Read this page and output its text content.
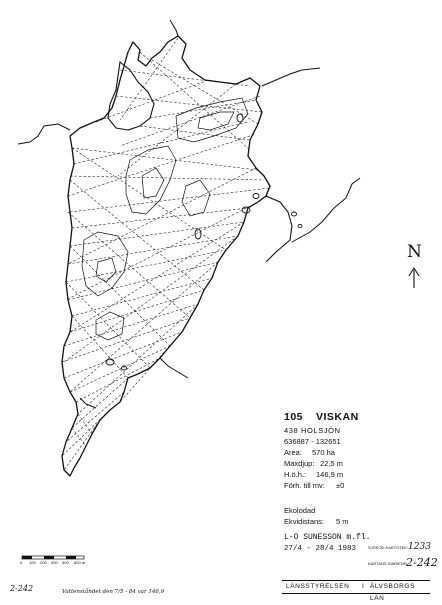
N
105 VISKAN
438 HOLSJÖN
636887 - 132651
Area: 570 ha
Maxdjup: 22,5 m
H.ö.h.: 146,9 m
Förh. till mv: ±0
Ekolodad
Ekvidistans: 5 m
L-O SUNESSON m.fl.
27/4 - 28/4 1983	SJÖKOD KARTOTEK: 1233
KARTANS DIARIENR:
2-242
LÄNSSTYRELSEN I ÄLVSBORGS LÄN
0 100 200 300 400 500 m
2-242	Vattenståndet den 7/5 - 84 var 146,9
